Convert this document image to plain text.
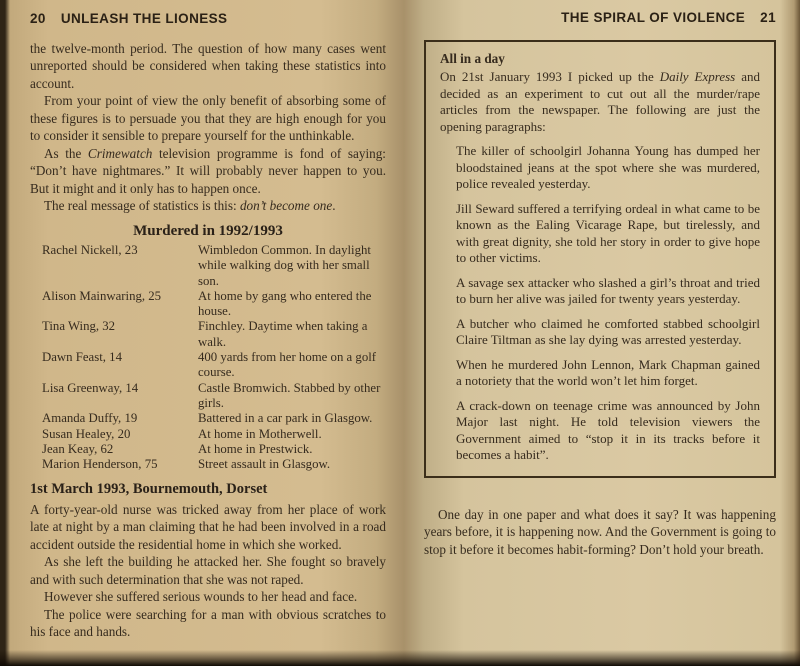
20 UNLEASH THE LIONESS

the twelve-month period. The question of how many cases went unreported should be considered when taking these statistics into account.

From your point of view the only benefit of absorbing some of these figures is to persuade you that they are high enough for you to consider it sensible to prepare yourself for the unthinkable.

As the Crimewatch television programme is fond of saying: “Don’t have nightmares.” It will probably never happen to you. But it might and it only has to happen once.

The real message of statistics is this: don’t become one.

Murdered in 1992/1993
Rachel Nickell, 23	Wimbledon Common. In daylight while walking dog with her small son.
Alison Mainwaring, 25	At home by gang who entered the house.
Tina Wing, 32	Finchley. Daytime when taking a walk.
Dawn Feast, 14	400 yards from her home on a golf course.
Lisa Greenway, 14	Castle Bromwich. Stabbed by other girls.
Amanda Duffy, 19	Battered in a car park in Glasgow.
Susan Healey, 20	At home in Motherwell.
Jean Keay, 62	At home in Prestwick.
Marion Henderson, 75	Street assault in Glasgow.
1st March 1993, Bournemouth, Dorset

A forty-year-old nurse was tricked away from her place of work late at night by a man claiming that he had been involved in a road accident outside the residential home in which she worked.

As she left the building he attacked her. She fought so bravely and with such determination that she was not raped.

However she suffered serious wounds to her head and face.

The police were searching for a man with obvious scratches to his face and hands.

THE SPIRAL OF VIOLENCE 21
All in a day

On 21st January 1993 I picked up the Daily Express and decided as an experiment to cut out all the murder/rape articles from the newspaper. The following are just the opening paragraphs:

The killer of schoolgirl Johanna Young has dumped her bloodstained jeans at the spot where she was murdered, police revealed yesterday.

Jill Seward suffered a terrifying ordeal in what came to be known as the Ealing Vicarage Rape, but tirelessly, and with great dignity, she told her story in order to give hope to other victims.

A savage sex attacker who slashed a girl’s throat and tried to burn her alive was jailed for twenty years yesterday.

A butcher who claimed he comforted stabbed schoolgirl Claire Tiltman as she lay dying was arrested yesterday.

When he murdered John Lennon, Mark Chapman gained a notoriety that the world won’t let him forget.

A crack-down on teenage crime was announced by John Major last night. He told television viewers the Government aimed to “stop it in its tracks before it becomes a habit”.

One day in one paper and what does it say? It was happening years before, it is happening now. And the Government is going to stop it before it becomes habit-forming? Don’t hold your breath.
